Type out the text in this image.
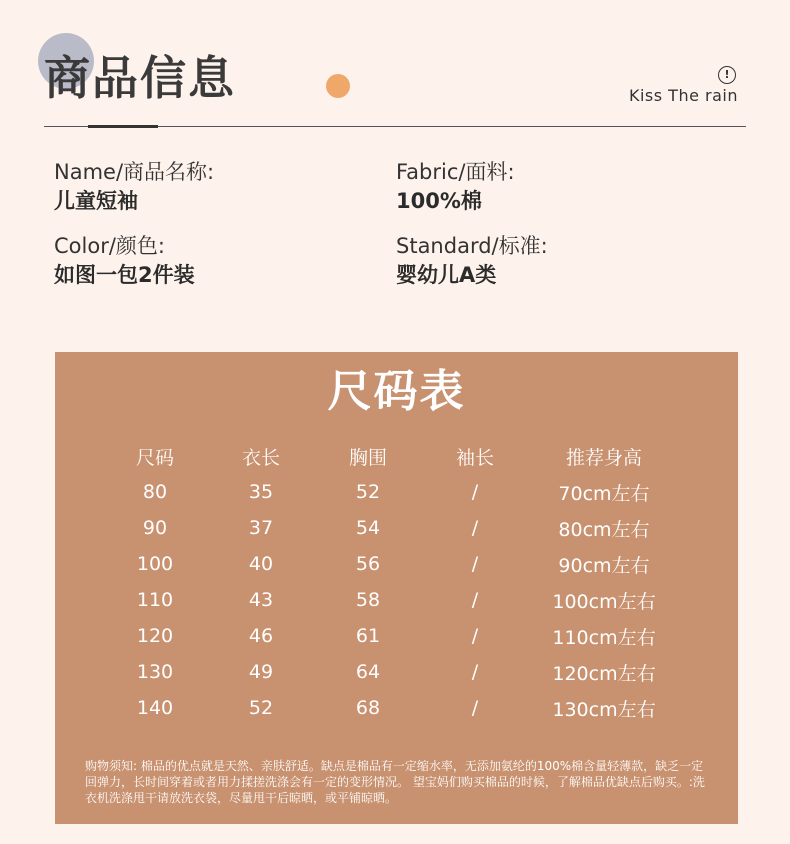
商品信息	!
Kiss The rain
Name/商品名称:
儿童短袖
Fabric/面料:
100%棉
Color/颜色:
如图一包2件装
Standard/标准:
婴幼儿A类
尺码表
尺码	衣长	胸围	袖长	推荐身高
80	35	52	/	70cm左右
90	37	54	/	80cm左右
100	40	56	/	90cm左右
110	43	58	/	100cm左右
120	46	61	/	110cm左右
130	49	64	/	120cm左右
140	52	68	/	130cm左右

购物须知: 棉品的优点就是天然、亲肤舒适。缺点是棉品有一定缩水率，无添加氨纶的100%棉含量轻薄款，缺乏一定回弹力，长时间穿着或者用力揉搓洗涤会有一定的变形情况。 望宝妈们购买棉品的时候，了解棉品优缺点后购买。:洗衣机洗涤甩干请放洗衣袋，尽量甩干后晾晒，或平铺晾晒。
